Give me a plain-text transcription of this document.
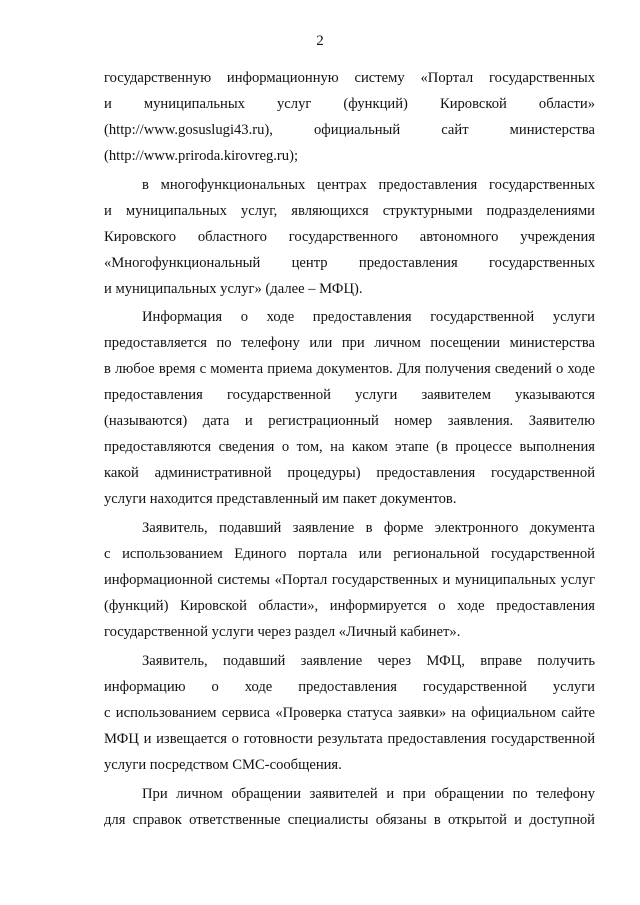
2
государственную информационную систему «Портал государственных
и муниципальных услуг (функций) Кировской области»
(http://www.gosuslugi43.ru), официальный сайт министерства
(http://www.priroda.kirovreg.ru);
в многофункциональных центрах предоставления государственных
и муниципальных услуг, являющихся структурными подразделениями
Кировского областного государственного автономного учреждения
«Многофункциональный центр предоставления государственных
и муниципальных услуг» (далее – МФЦ).
Информация о ходе предоставления государственной услуги
предоставляется по телефону или при личном посещении министерства
в любое время с момента приема документов. Для получения сведений о ходе
предоставления государственной услуги заявителем указываются
(называются) дата и регистрационный номер заявления. Заявителю
предоставляются сведения о том, на каком этапе (в процессе выполнения
какой административной процедуры) предоставления государственной
услуги находится представленный им пакет документов.
Заявитель, подавший заявление в форме электронного документа
с использованием Единого портала или региональной государственной
информационной системы «Портал государственных и муниципальных услуг
(функций) Кировской области», информируется о ходе предоставления
государственной услуги через раздел «Личный кабинет».
Заявитель, подавший заявление через МФЦ, вправе получить
информацию о ходе предоставления государственной услуги
с использованием сервиса «Проверка статуса заявки» на официальном сайте
МФЦ и извещается о готовности результата предоставления государственной
услуги посредством СМС-сообщения.
При личном обращении заявителей и при обращении по телефону
для справок ответственные специалисты обязаны в открытой и доступной
